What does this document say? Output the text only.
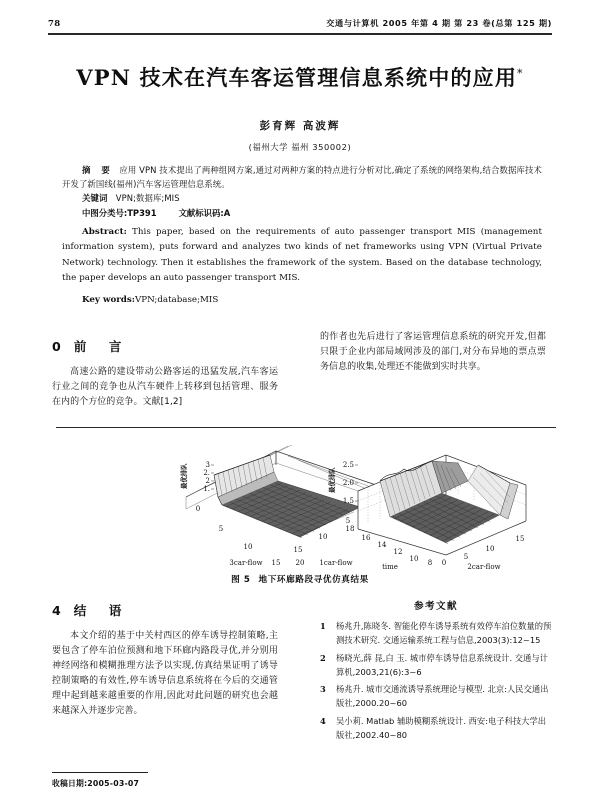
78	交通与计算机 2005 年第 4 期 第 23 卷(总第 125 期)
VPN 技术在汽车客运管理信息系统中的应用*
彭育辉 高波辉
(福州大学 福州 350002)
摘 要 应用 VPN 技术提出了两种组网方案,通过对两种方案的特点进行分析对比,确定了系统的网络架构,结合数据库技术开发了新国线(福州)汽车客运管理信息系统。
关键词 VPN;数据库;MIS
中图分类号:TP391	文献标识码:A
Abstract: This paper, based on the requirements of auto passenger transport MIS (management information system), puts forward and analyzes two kinds of net frameworks using VPN (Virtual Private Network) technology. Then it establishes the framework of the system. Based on the database technology, the paper develops an auto passenger transport MIS.
Key words:VPN;database;MIS
0 前 言
高速公路的建设带动公路客运的迅猛发展,汽车客运行业之间的竞争也从汽车硬件上转移到包括管理、服务在内的个方位的竞争。文献[1,2]
的作者也先后进行了客运管理信息系统的研究开发,但都只限于企业内部局域网涉及的部门,对分布异地的票点票务信息的收集,处理还不能做到实时共享。
3
2.
2
1.
最优排队
0
5
10
15 20
5
10
15
3car-flow	1car-flow
2.5
2.0
1.5
最优排队
18
16
14
12
10 8 0
5
10
15
time	2car-flow
图 5 地下环廊路段寻优仿真结果
4 结 语
本文介绍的基于中关村西区的停车诱导控制策略,主要包含了停车泊位预测和地下环廊内路段寻优,并分别用神经网络和模糊推理方法予以实现,仿真结果证明了诱导控制策略的有效性,停车诱导信息系统将在今后的交通管理中起到越来越重要的作用,因此对此问题的研究也会越来越深入并逐步完善。
参考文献
1	杨兆升,陈晓冬. 智能化停车诱导系统有效停车泊位数量的预测技术研究. 交通运输系统工程与信息,2003(3):12~15
2	杨晓光,薛 昆,白 玉. 城市停车诱导信息系统设计. 交通与计算机,2003,21(6):3~6
3	杨兆升. 城市交通流诱导系统理论与模型. 北京:人民交通出版社,2000.20~60
4	吴小莉. Matlab 辅助模糊系统设计. 西安:电子科技大学出版社,2002.40~80
收稿日期:2005-03-07
